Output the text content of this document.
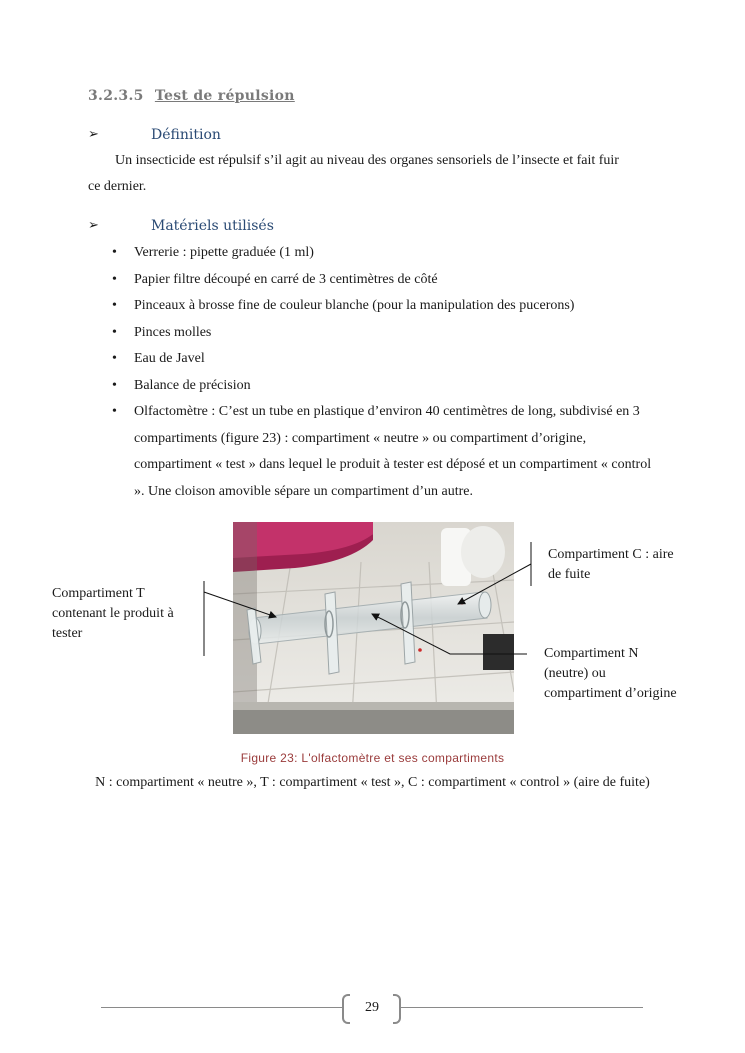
3.2.3.5 Test de répulsion
➢	Définition
Un insecticide est répulsif s’il agit au niveau des organes sensoriels de l’insecte et fait fuir
ce dernier.
➢	Matériels utilisés
• Verrerie : pipette graduée (1 ml)
• Papier filtre découpé en carré de 3 centimètres de côté
• Pinceaux à brosse fine de couleur blanche (pour la manipulation des pucerons)
• Pinces molles
• Eau de Javel
• Balance de précision
• Olfactomètre : C’est un tube en plastique d’environ 40 centimètres de long, subdivisé en 3 compartiments (figure 23) : compartiment « neutre » ou compartiment d’origine, compartiment « test » dans lequel le produit à tester est déposé et un compartiment « control ». Une cloison amovible sépare un compartiment d’un autre.
Compartiment C : aire
de fuite
Compartiment T
contenant le produit à
tester
Compartiment N
(neutre) ou
compartiment d’origine
Figure 23: L'olfactomètre et ses compartiments
N : compartiment « neutre », T : compartiment « test », C : compartiment « control » (aire de fuite)
29
